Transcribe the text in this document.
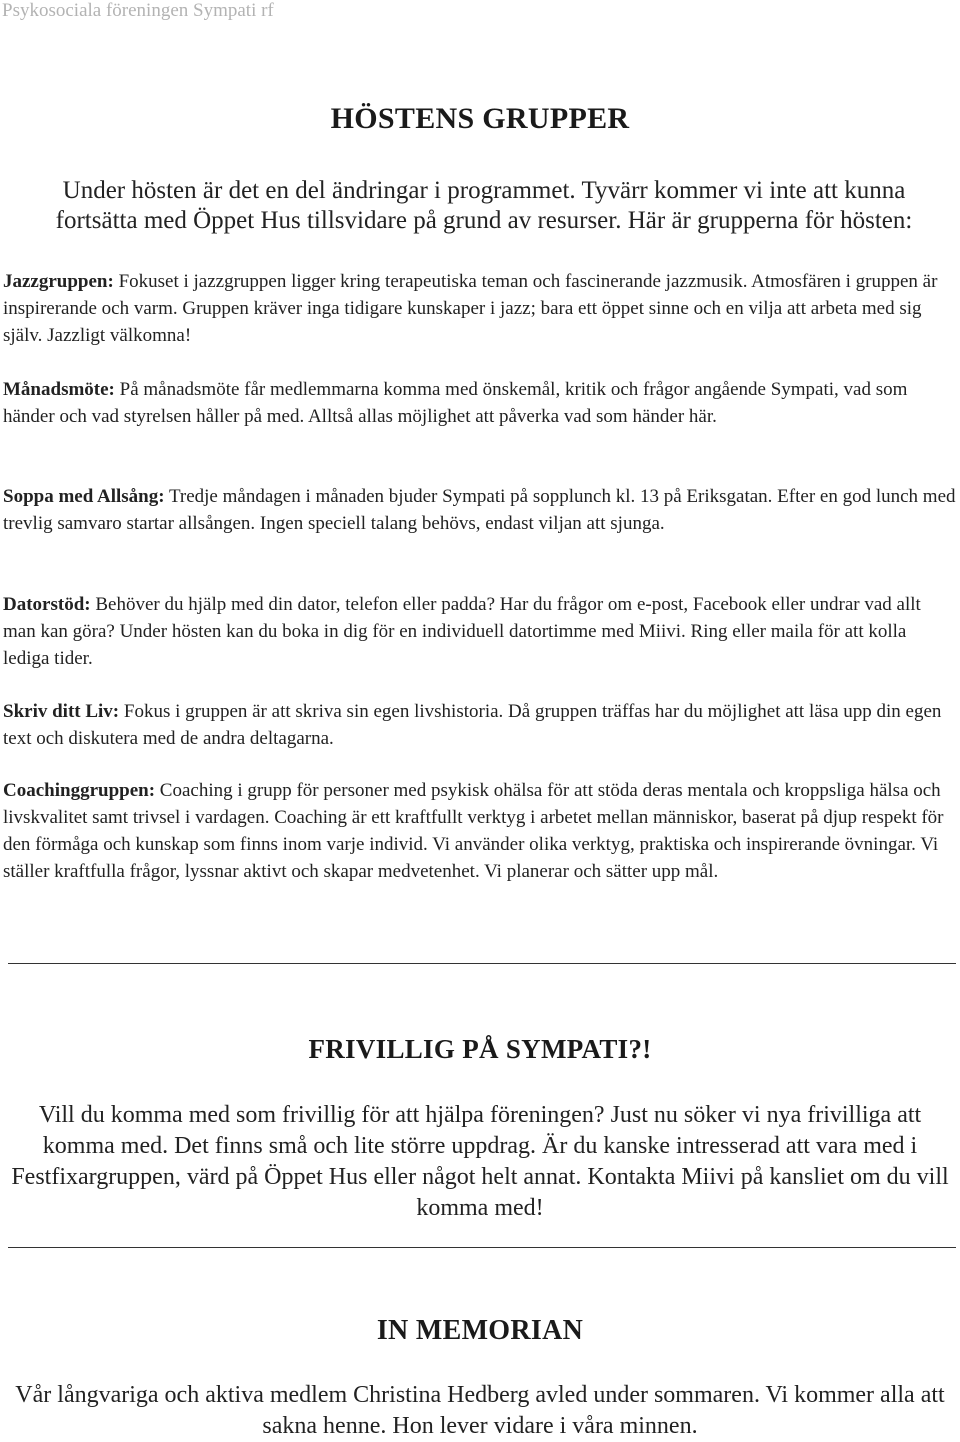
Psykosociala föreningen Sympati rf
HÖSTENS GRUPPER
Under hösten är det en del ändringar i programmet. Tyvärr kommer vi inte att kunna fortsätta med Öppet Hus tillsvidare på grund av resurser. Här är grupperna för hösten:
Jazzgruppen: Fokuset i jazzgruppen ligger kring terapeutiska teman och fascinerande jazzmusik. Atmosfären i gruppen är inspirerande och varm. Gruppen kräver inga tidigare kunskaper i jazz; bara ett öppet sinne och en vilja att arbeta med sig själv. Jazzligt välkomna!
Månadsmöte: På månadsmöte får medlemmarna komma med önskemål, kritik och frågor angående Sympati, vad som händer och vad styrelsen håller på med. Alltså allas möjlighet att påverka vad som händer här.
Soppa med Allsång: Tredje måndagen i månaden bjuder Sympati på sopplunch kl. 13 på Eriksgatan. Efter en god lunch med trevlig samvaro startar allsången. Ingen speciell talang behövs, endast viljan att sjunga.
Datorstöd: Behöver du hjälp med din dator, telefon eller padda? Har du frågor om e-post, Facebook eller undrar vad allt man kan göra? Under hösten kan du boka in dig för en individuell datortimme med Miivi. Ring eller maila för att kolla lediga tider.
Skriv ditt Liv: Fokus i gruppen är att skriva sin egen livshistoria. Då gruppen träffas har du möjlighet att läsa upp din egen text och diskutera med de andra deltagarna.
Coachinggruppen: Coaching i grupp för personer med psykisk ohälsa för att stöda deras mentala och kroppsliga hälsa och livskvalitet samt trivsel i vardagen. Coaching är ett kraftfullt verktyg i arbetet mellan människor, baserat på djup respekt för den förmåga och kunskap som finns inom varje individ. Vi använder olika verktyg, praktiska och inspirerande övningar. Vi ställer kraftfulla frågor, lyssnar aktivt och skapar medvetenhet. Vi planerar och sätter upp mål.
FRIVILLIG PÅ SYMPATI?!
Vill du komma med som frivillig för att hjälpa föreningen? Just nu söker vi nya frivilliga att komma med. Det finns små och lite större uppdrag. Är du kanske intresserad att vara med i Festfixargruppen, värd på Öppet Hus eller något helt annat. Kontakta Miivi på kansliet om du vill komma med!
IN MEMORIAN
Vår långvariga och aktiva medlem Christina Hedberg avled under sommaren. Vi kommer alla att sakna henne. Hon lever vidare i våra minnen.
